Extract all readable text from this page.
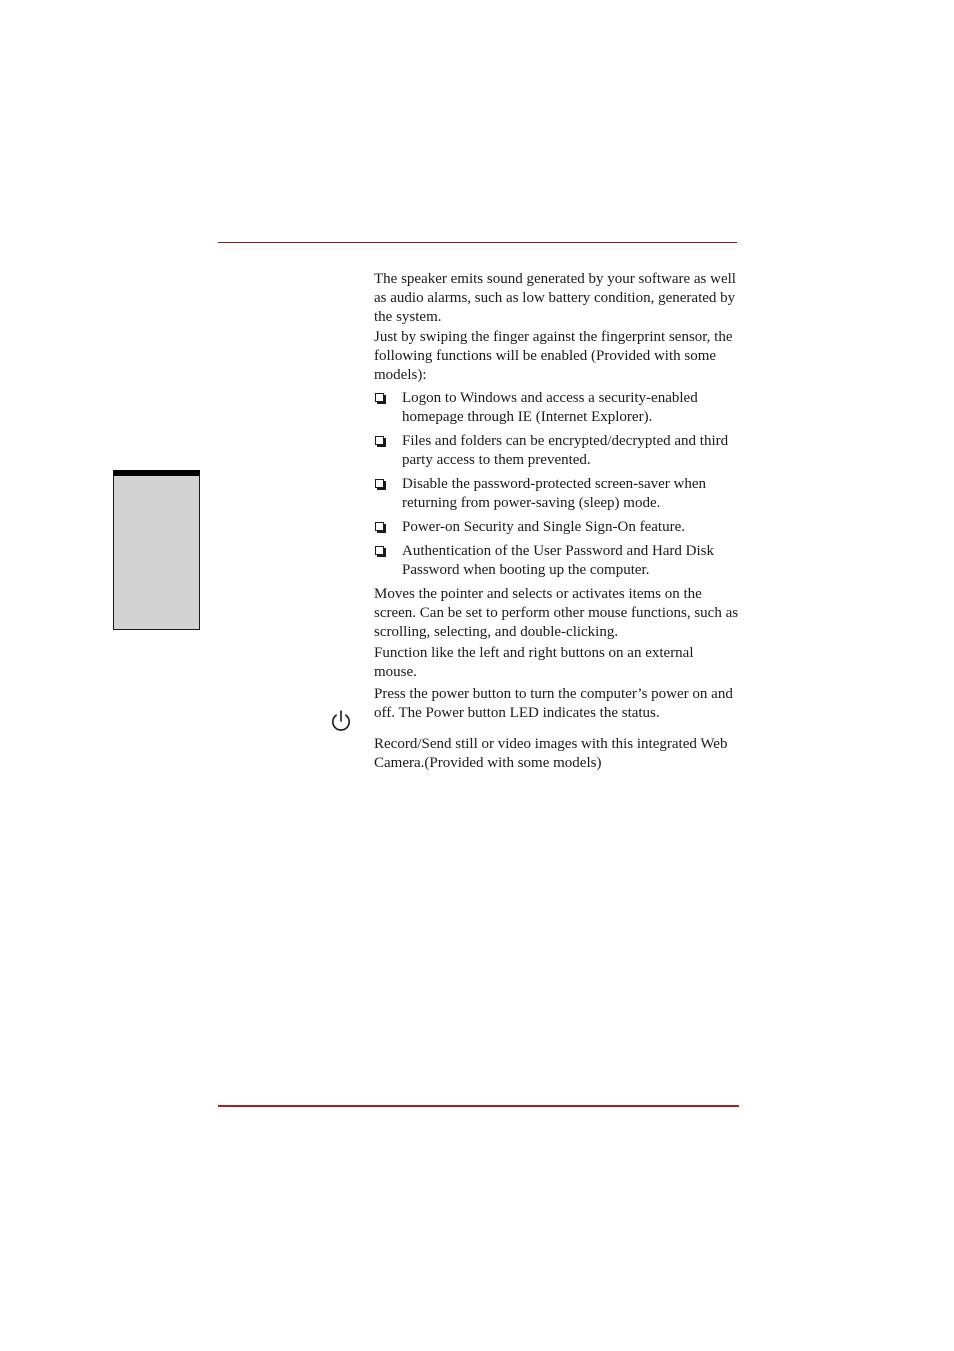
The speaker emits sound generated by your software as well as audio alarms, such as low battery condition, generated by the system.

Just by swiping the finger against the fingerprint sensor, the following functions will be enabled (Provided with some models):

Logon to Windows and access a security-enabled homepage through IE (Internet Explorer).
Files and folders can be encrypted/decrypted and third party access to them prevented.
Disable the password-protected screen-saver when returning from power-saving (sleep) mode.
Power-on Security and Single Sign-On feature.
Authentication of the User Password and Hard Disk Password when booting up the computer.

Moves the pointer and selects or activates items on the screen. Can be set to perform other mouse functions, such as scrolling, selecting, and double-clicking.

Function like the left and right buttons on an external mouse.

Press the power button to turn the computer’s power on and off. The Power button LED indicates the status.

Record/Send still or video images with this integrated Web Camera.(Provided with some models)
